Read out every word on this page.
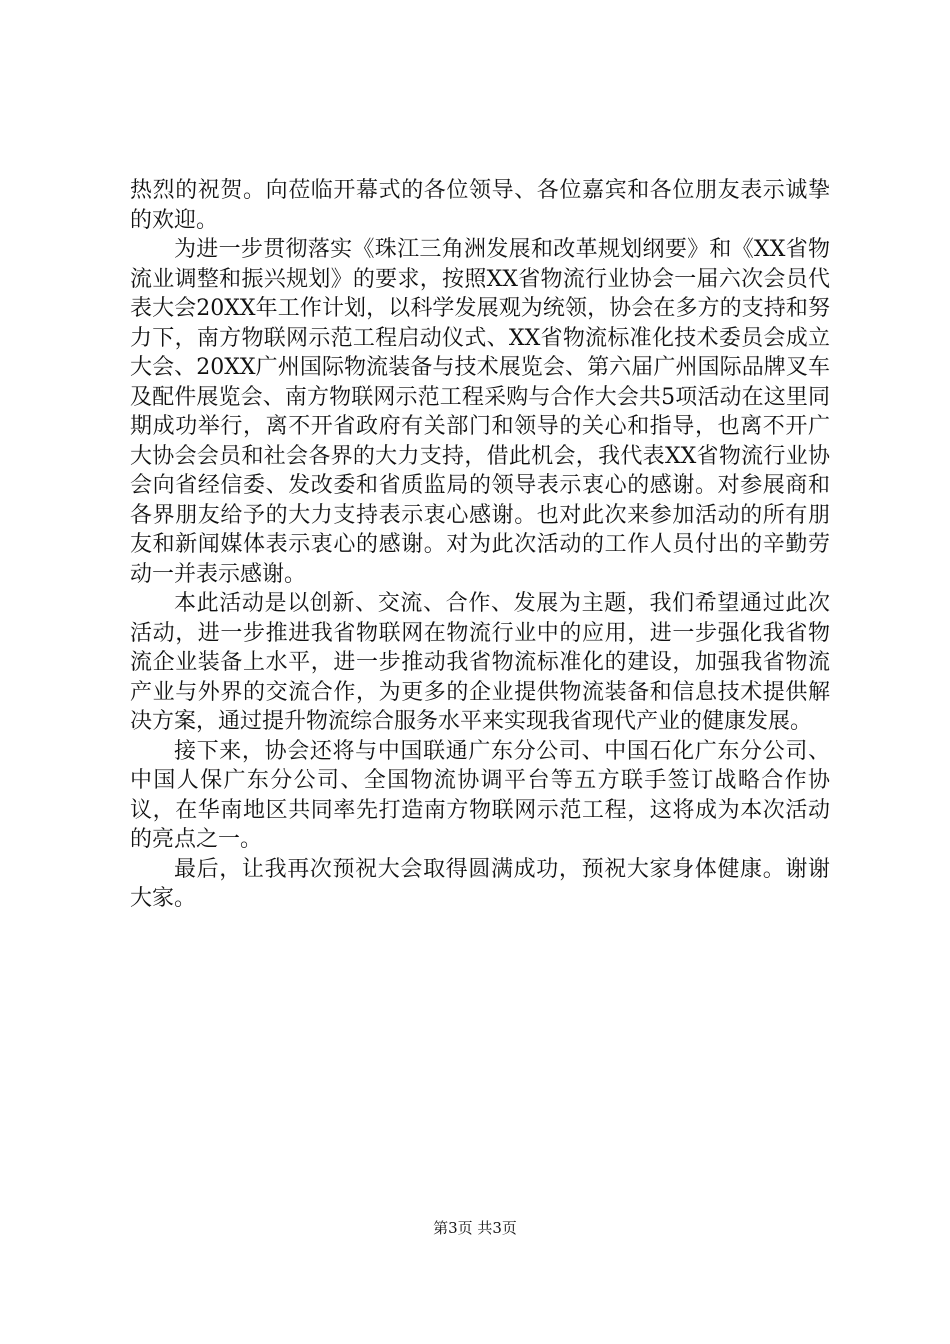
热烈的祝贺。向莅临开幕式的各位领导、各位嘉宾和各位朋友表示诚挚的欢迎。

为进一步贯彻落实《珠江三角洲发展和改革规划纲要》和《XX省物流业调整和振兴规划》的要求，按照XX省物流行业协会一届六次会员代表大会20XX年工作计划，以科学发展观为统领，协会在多方的支持和努力下，南方物联网示范工程启动仪式、XX省物流标准化技术委员会成立大会、20XX广州国际物流装备与技术展览会、第六届广州国际品牌叉车及配件展览会、南方物联网示范工程采购与合作大会共5项活动在这里同期成功举行，离不开省政府有关部门和领导的关心和指导，也离不开广大协会会员和社会各界的大力支持，借此机会，我代表XX省物流行业协会向省经信委、发改委和省质监局的领导表示衷心的感谢。对参展商和各界朋友给予的大力支持表示衷心感谢。也对此次来参加活动的所有朋友和新闻媒体表示衷心的感谢。对为此次活动的工作人员付出的辛勤劳动一并表示感谢。

本此活动是以创新、交流、合作、发展为主题，我们希望通过此次活动，进一步推进我省物联网在物流行业中的应用，进一步强化我省物流企业装备上水平，进一步推动我省物流标准化的建设，加强我省物流产业与外界的交流合作，为更多的企业提供物流装备和信息技术提供解决方案，通过提升物流综合服务水平来实现我省现代产业的健康发展。

接下来，协会还将与中国联通广东分公司、中国石化广东分公司、中国人保广东分公司、全国物流协调平台等五方联手签订战略合作协议，在华南地区共同率先打造南方物联网示范工程，这将成为本次活动的亮点之一。

最后，让我再次预祝大会取得圆满成功，预祝大家身体健康。谢谢大家。

第3页 共3页
